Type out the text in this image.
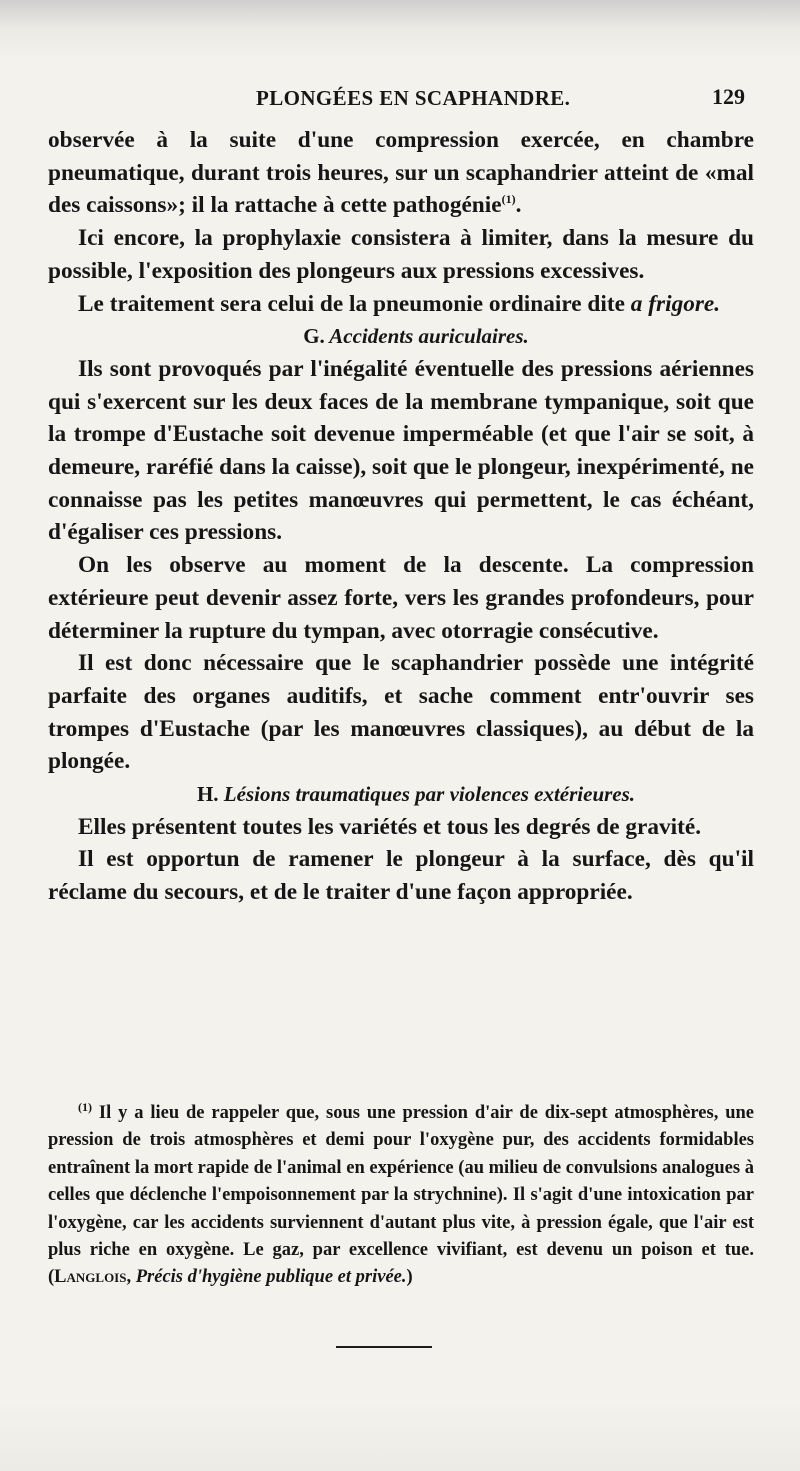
PLONGÉES EN SCAPHANDRE.	129

observée à la suite d'une compression exercée, en chambre pneumatique, durant trois heures, sur un scaphandrier atteint de «mal des caissons»; il la rattache à cette pathogénie$^{(1)}$.

Ici encore, la prophylaxie consistera à limiter, dans la mesure du possible, l'exposition des plongeurs aux pressions excessives.

Le traitement sera celui de la pneumonie ordinaire dite a frigore.

G. Accidents auriculaires.

Ils sont provoqués par l'inégalité éventuelle des pressions aériennes qui s'exercent sur les deux faces de la membrane tympanique, soit que la trompe d'Eustache soit devenue imperméable (et que l'air se soit, à demeure, raréfié dans la caisse), soit que le plongeur, inexpérimenté, ne connaisse pas les petites manœuvres qui permettent, le cas échéant, d'égaliser ces pressions.

On les observe au moment de la descente. La compression extérieure peut devenir assez forte, vers les grandes profondeurs, pour déterminer la rupture du tympan, avec otorragie consécutive.

Il est donc nécessaire que le scaphandrier possède une intégrité parfaite des organes auditifs, et sache comment entr'ouvrir ses trompes d'Eustache (par les manœuvres classiques), au début de la plongée.

H. Lésions traumatiques par violences extérieures.

Elles présentent toutes les variétés et tous les degrés de gravité.

Il est opportun de ramener le plongeur à la surface, dès qu'il réclame du secours, et de le traiter d'une façon appropriée.

$^{(1)}$ Il y a lieu de rappeler que, sous une pression d'air de dix-sept atmosphères, une pression de trois atmosphères et demi pour l'oxygène pur, des accidents formidables entraînent la mort rapide de l'animal en expérience (au milieu de convulsions analogues à celles que déclenche l'empoisonnement par la strychnine). Il s'agit d'une intoxication par l'oxygène, car les accidents surviennent d'autant plus vite, à pression égale, que l'air est plus riche en oxygène. Le gaz, par excellence vivifiant, est devenu un poison et tue. (Langlois, Précis d'hygiène publique et privée.)
